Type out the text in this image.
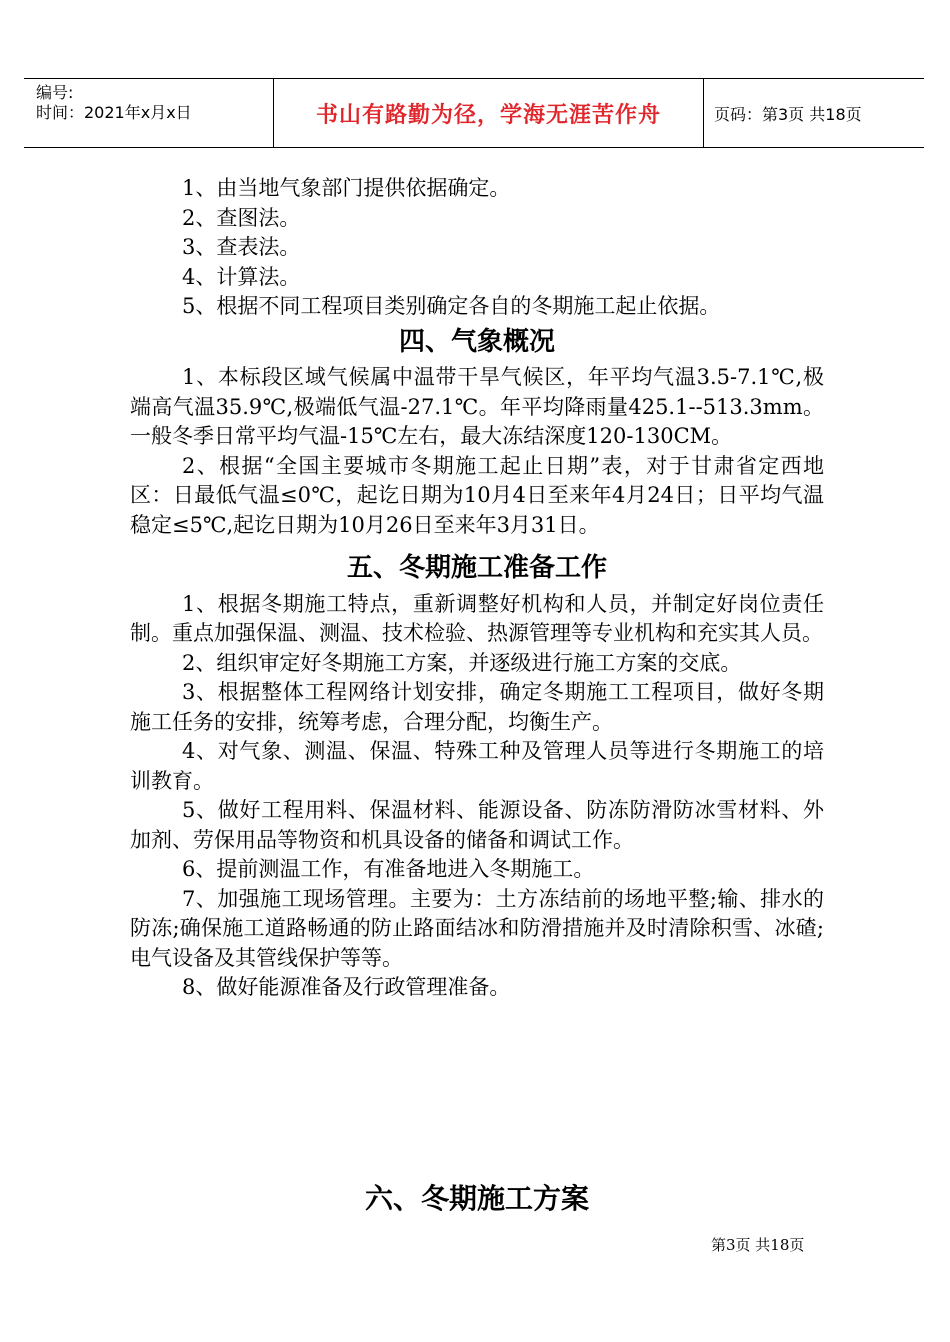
编号:
时间：2021年x月x日	书山有路勤为径，学海无涯苦作舟	页码：第3页 共18页

1、由当地气象部门提供依据确定。

2、查图法。

3、查表法。

4、计算法。

5、根据不同工程项目类别确定各自的冬期施工起止依据。

四、气象概况

1、本标段区域气候属中温带干旱气候区，年平均气温3.5-7.1℃,极端高气温35.9℃,极端低气温-27.1℃。年平均降雨量425.1--513.3mm。一般冬季日常平均气温-15℃左右，最大冻结深度120-130CM。

2、根据“全国主要城市冬期施工起止日期”表，对于甘肃省定西地区：日最低气温≤0℃，起讫日期为10月4日至来年4月24日；日平均气温稳定≤5℃,起讫日期为10月26日至来年3月31日。

五、冬期施工准备工作

1、根据冬期施工特点，重新调整好机构和人员，并制定好岗位责任制。重点加强保温、测温、技术检验、热源管理等专业机构和充实其人员。

2、组织审定好冬期施工方案，并逐级进行施工方案的交底。

3、根据整体工程网络计划安排，确定冬期施工工程项目，做好冬期施工任务的安排，统筹考虑，合理分配，均衡生产。

4、对气象、测温、保温、特殊工种及管理人员等进行冬期施工的培训教育。

5、做好工程用料、保温材料、能源设备、防冻防滑防冰雪材料、外加剂、劳保用品等物资和机具设备的储备和调试工作。

6、提前测温工作，有准备地进入冬期施工。

7、加强施工现场管理。主要为：土方冻结前的场地平整;输、排水的防冻;确保施工道路畅通的防止路面结冰和防滑措施并及时清除积雪、冰碴;电气设备及其管线保护等等。

8、做好能源准备及行政管理准备。

六、冬期施工方案
第3页 共18页
